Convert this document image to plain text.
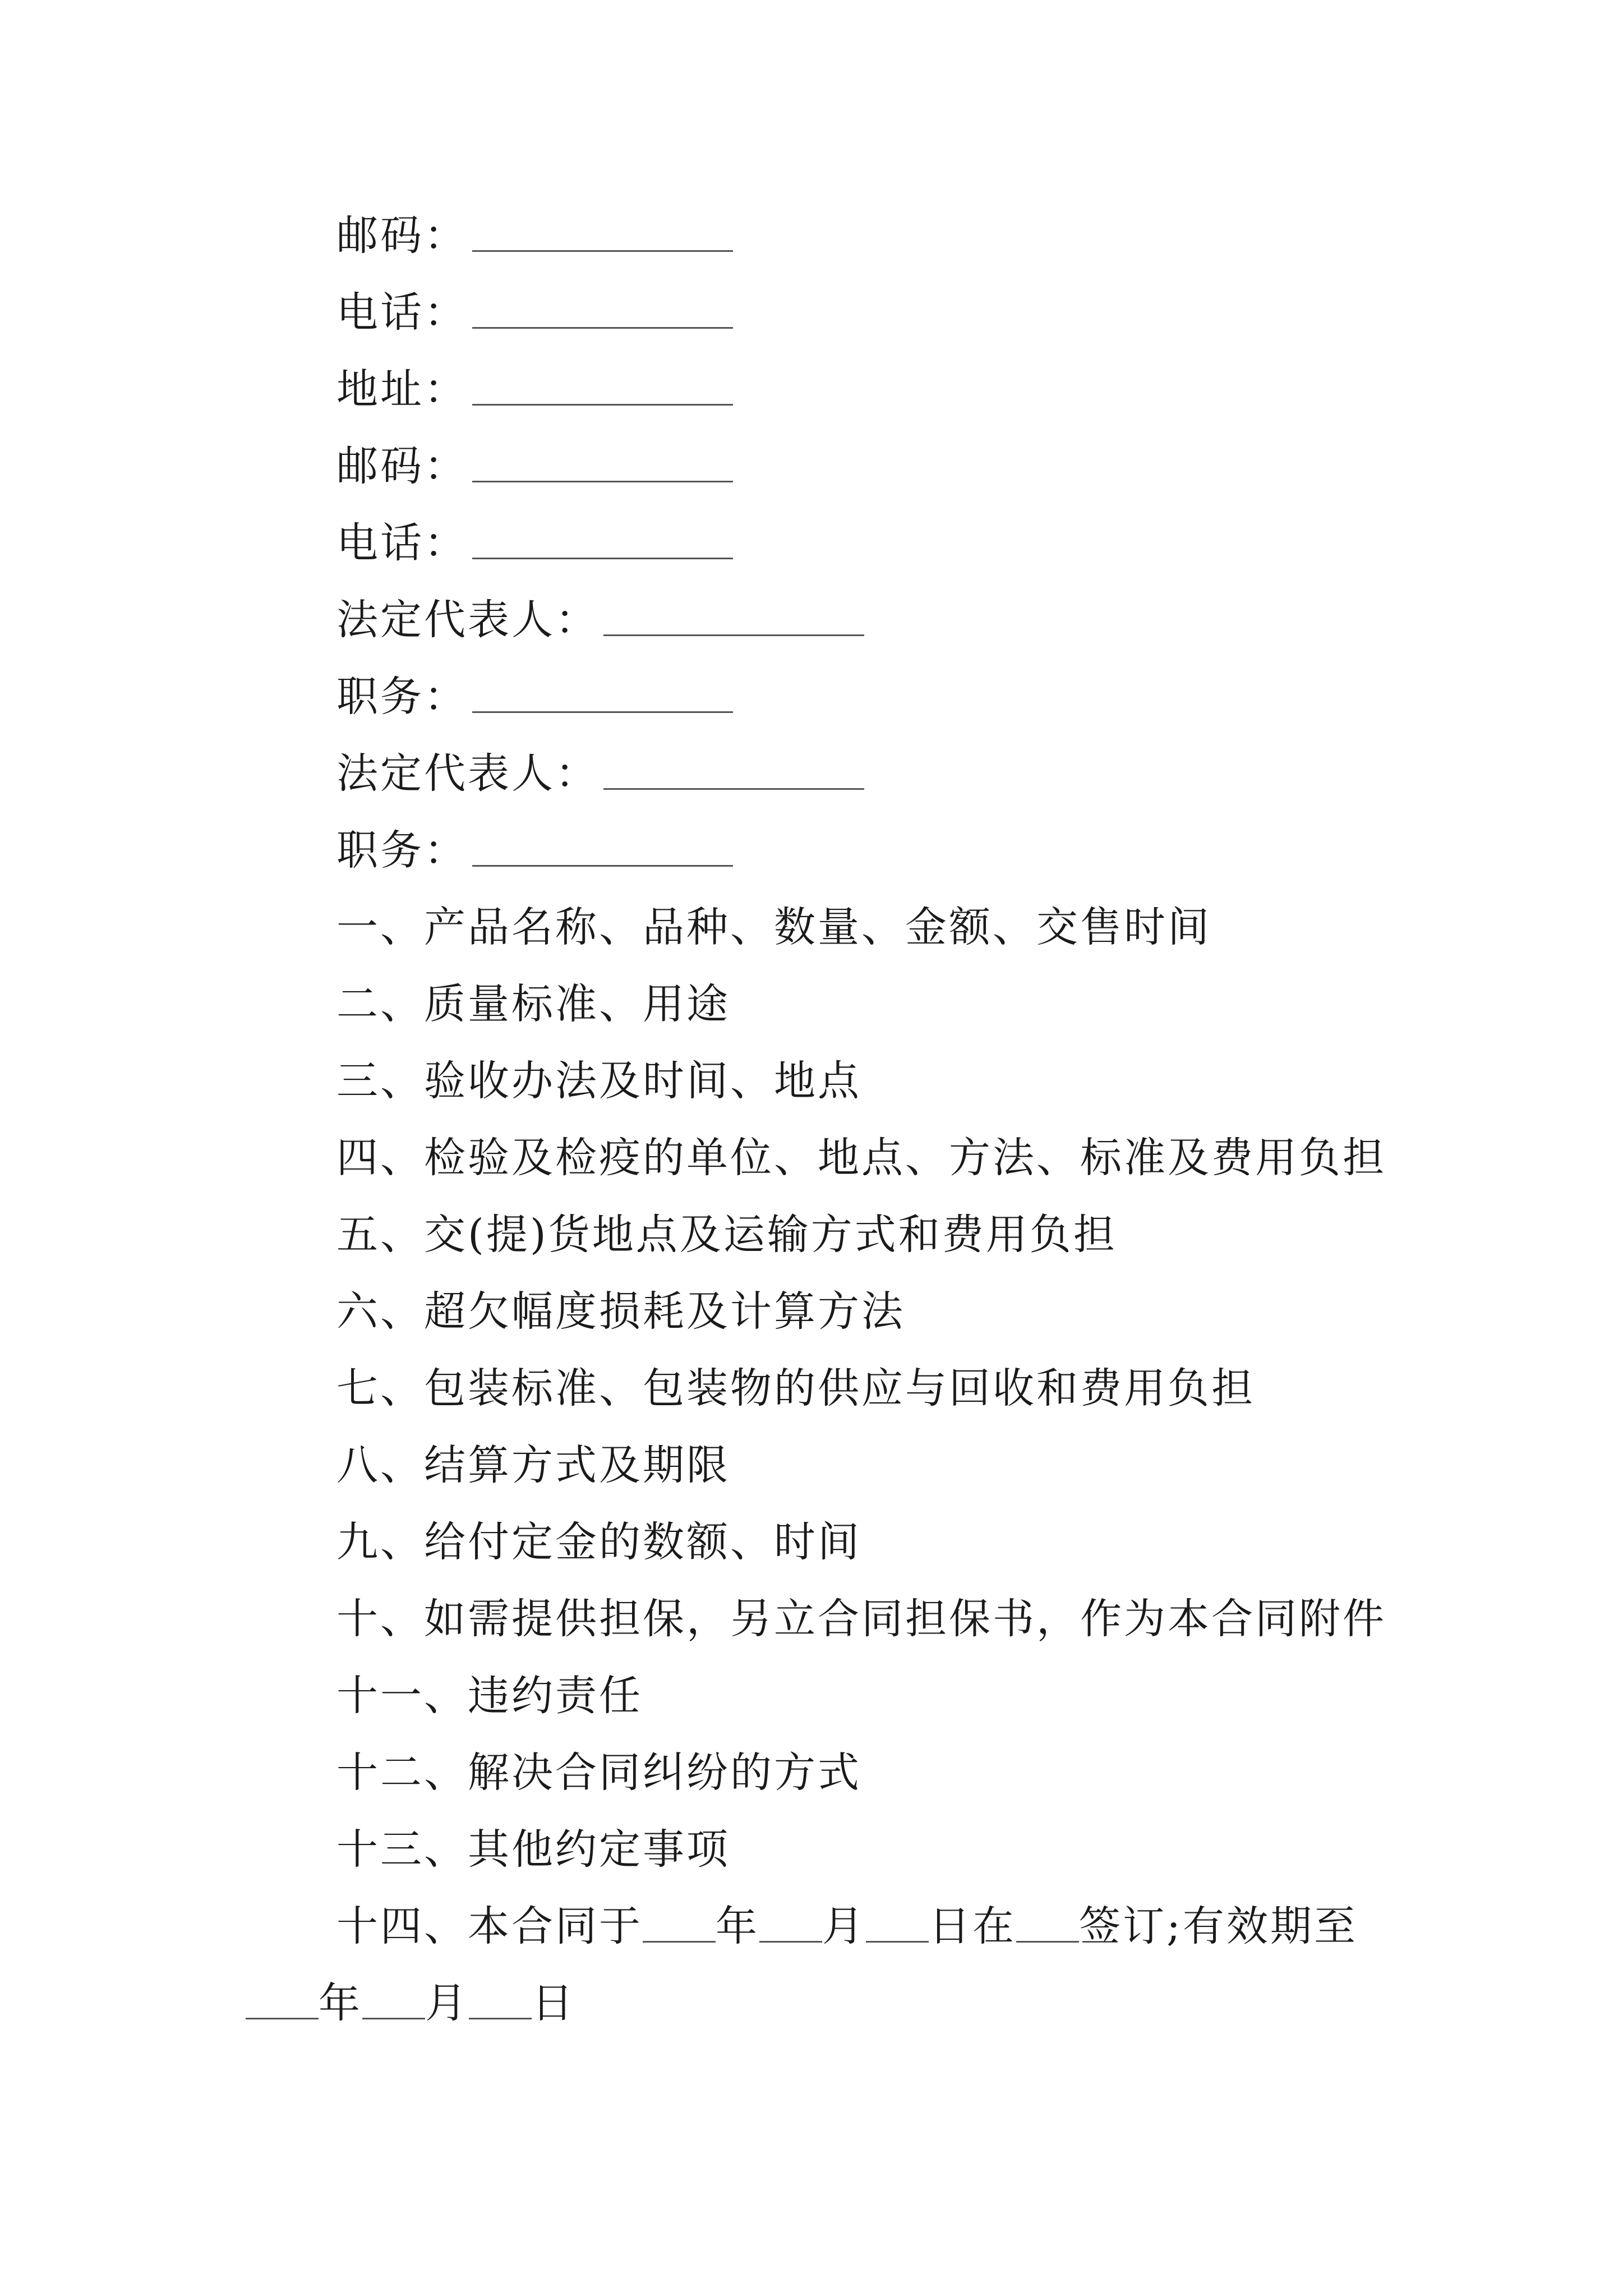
邮码：
电话：
地址：
邮码：
电话：
法定代表人：
职务：
法定代表人：
职务：
一、产品名称、品种、数量、金额、交售时间
二、质量标准、用途
三、验收办法及时间、地点
四、检验及检疫的单位、地点、方法、标准及费用负担
五、交(提)货地点及运输方式和费用负担
六、超欠幅度损耗及计算方法
七、包装标准、包装物的供应与回收和费用负担
八、结算方式及期限
九、给付定金的数额、时间
十、如需提供担保，另立合同担保书，作为本合同附件
十一、违约责任
十二、解决合同纠纷的方式
十三、其他约定事项
十四、本合同于 年 月 日在 签订;有效期至
年 月 日
